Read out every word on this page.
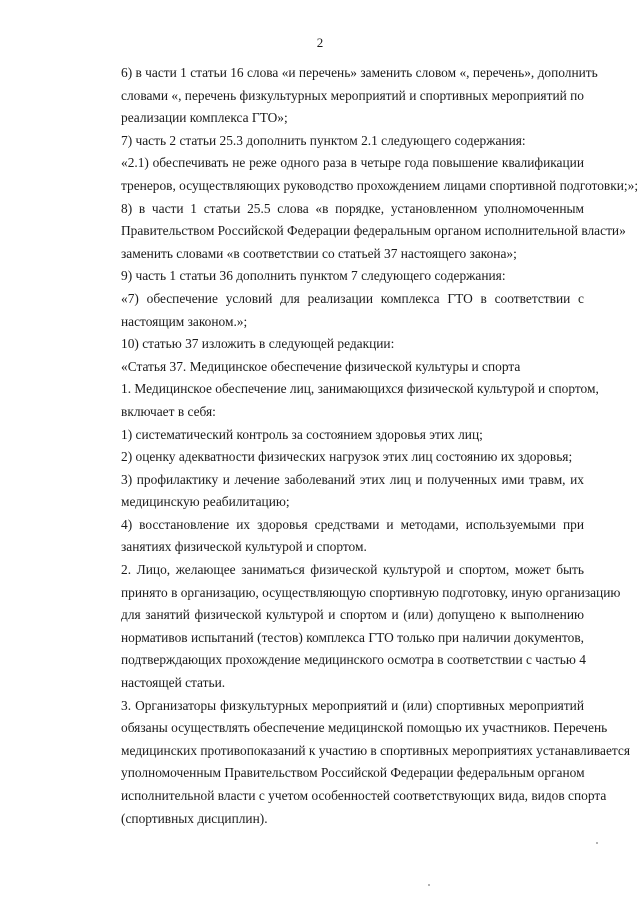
2
6) в части 1 статьи 16 слова «и перечень» заменить словом «, перечень», дополнить
словами «, перечень физкультурных мероприятий и спортивных мероприятий по
реализации комплекса ГТО»;
7) часть 2 статьи 25.3 дополнить пунктом 2.1 следующего содержания:
«2.1) обеспечивать не реже одного раза в четыре года повышение квалификации
тренеров, осуществляющих руководство прохождением лицами спортивной подготовки;»;
8) в части 1 статьи 25.5 слова «в порядке, установленном уполномоченным
Правительством Российской Федерации федеральным органом исполнительной власти»
заменить словами «в соответствии со статьей 37 настоящего закона»;
9) часть 1 статьи 36 дополнить пунктом 7 следующего содержания:
«7) обеспечение условий для реализации комплекса ГТО в соответствии с
настоящим законом.»;
10) статью 37 изложить в следующей редакции:
«Статья 37. Медицинское обеспечение физической культуры и спорта
1. Медицинское обеспечение лиц, занимающихся физической культурой и спортом,
включает в себя:
1) систематический контроль за состоянием здоровья этих лиц;
2) оценку адекватности физических нагрузок этих лиц состоянию их здоровья;
3) профилактику и лечение заболеваний этих лиц и полученных ими травм, их
медицинскую реабилитацию;
4) восстановление их здоровья средствами и методами, используемыми при
занятиях физической культурой и спортом.
2. Лицо, желающее заниматься физической культурой и спортом, может быть
принято в организацию, осуществляющую спортивную подготовку, иную организацию
для занятий физической культурой и спортом и (или) допущено к выполнению
нормативов испытаний (тестов) комплекса ГТО только при наличии документов,
подтверждающих прохождение медицинского осмотра в соответствии с частью 4
настоящей статьи.
3. Организаторы физкультурных мероприятий и (или) спортивных мероприятий
обязаны осуществлять обеспечение медицинской помощью их участников. Перечень
медицинских противопоказаний к участию в спортивных мероприятиях устанавливается
уполномоченным Правительством Российской Федерации федеральным органом
исполнительной власти с учетом особенностей соответствующих вида, видов спорта
(спортивных дисциплин).
